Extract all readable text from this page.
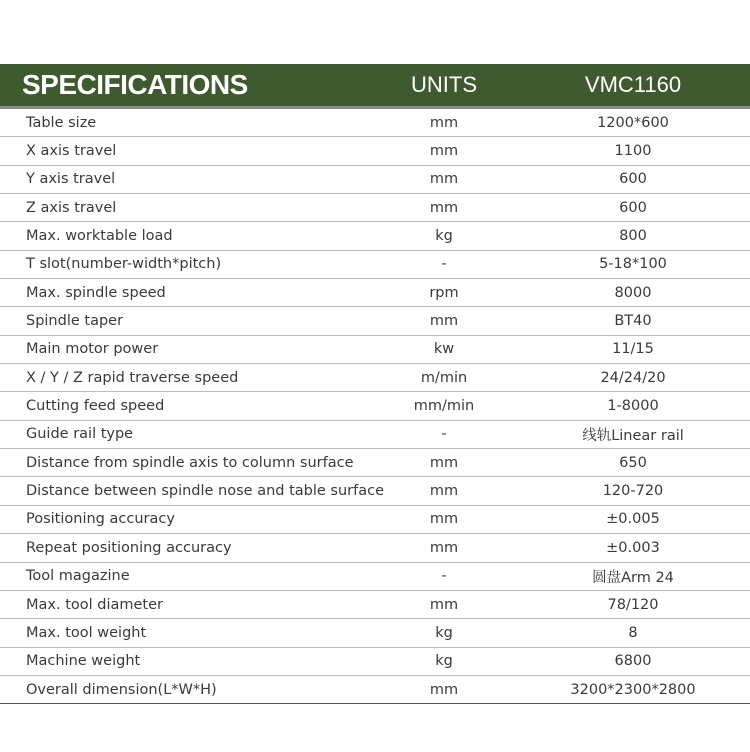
SPECIFICATIONS	UNITS	VMC1160
Table size	mm	1200*600
X axis travel	mm	1100
Y axis travel	mm	600
Z axis travel	mm	600
Max. worktable load	kg	800
T slot(number-width*pitch)	-	5-18*100
Max. spindle speed	rpm	8000
Spindle taper	mm	BT40
Main motor power	kw	11/15
X / Y / Z rapid traverse speed	m/min	24/24/20
Cutting feed speed	mm/min	1-8000
Guide rail type	-	线轨Linear rail
Distance from spindle axis to column surface	mm	650
Distance between spindle nose and table surface	mm	120-720
Positioning accuracy	mm	±0.005
Repeat positioning accuracy	mm	±0.003
Tool magazine	-	圆盘Arm 24
Max. tool diameter	mm	78/120
Max. tool weight	kg	8
Machine weight	kg	6800
Overall dimension(L*W*H)	mm	3200*2300*2800
